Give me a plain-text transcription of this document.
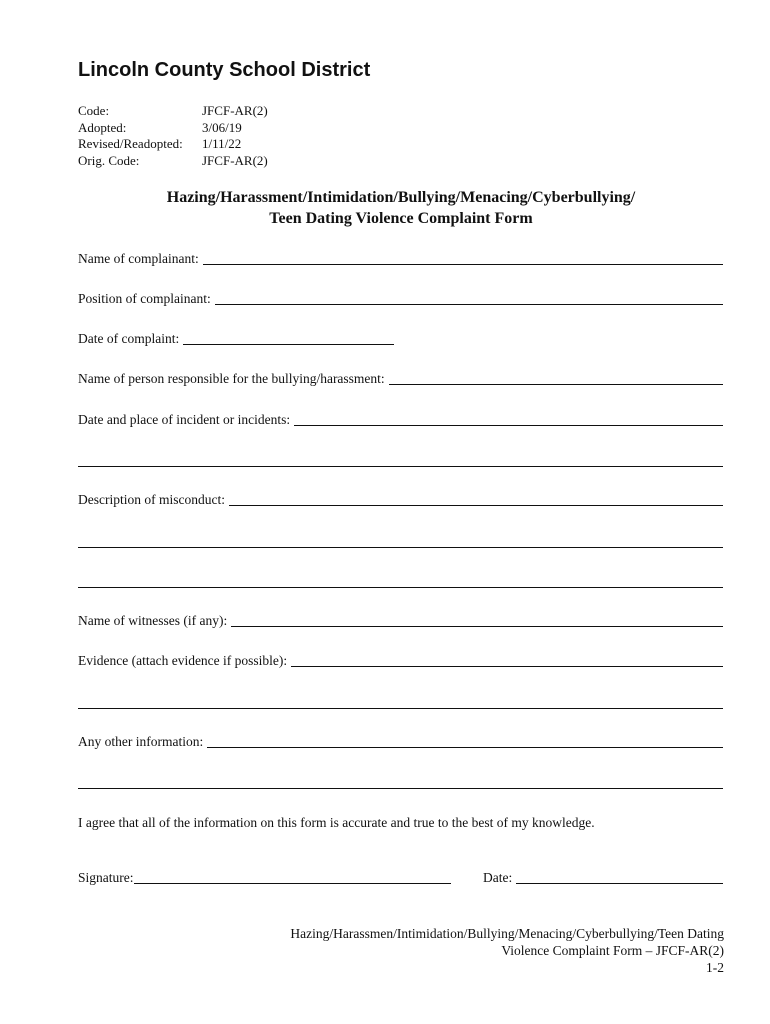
Lincoln County School District
Code:	JFCF-AR(2)
Adopted:	3/06/19
Revised/Readopted:	1/11/22
Orig. Code:	JFCF-AR(2)
Hazing/Harassment/Intimidation/Bullying/Menacing/Cyberbullying/
Teen Dating Violence Complaint Form
Name of complainant:
Position of complainant:
Date of complaint:
Name of person responsible for the bullying/harassment:
Date and place of incident or incidents:
Description of misconduct:
Name of witnesses (if any):
Evidence (attach evidence if possible):
Any other information:
I agree that all of the information on this form is accurate and true to the best of my knowledge.
Signature:	Date:
Hazing/Harassmen/Intimidation/Bullying/Menacing/Cyberbullying/Teen Dating
Violence Complaint Form – JFCF-AR(2)
1-2
